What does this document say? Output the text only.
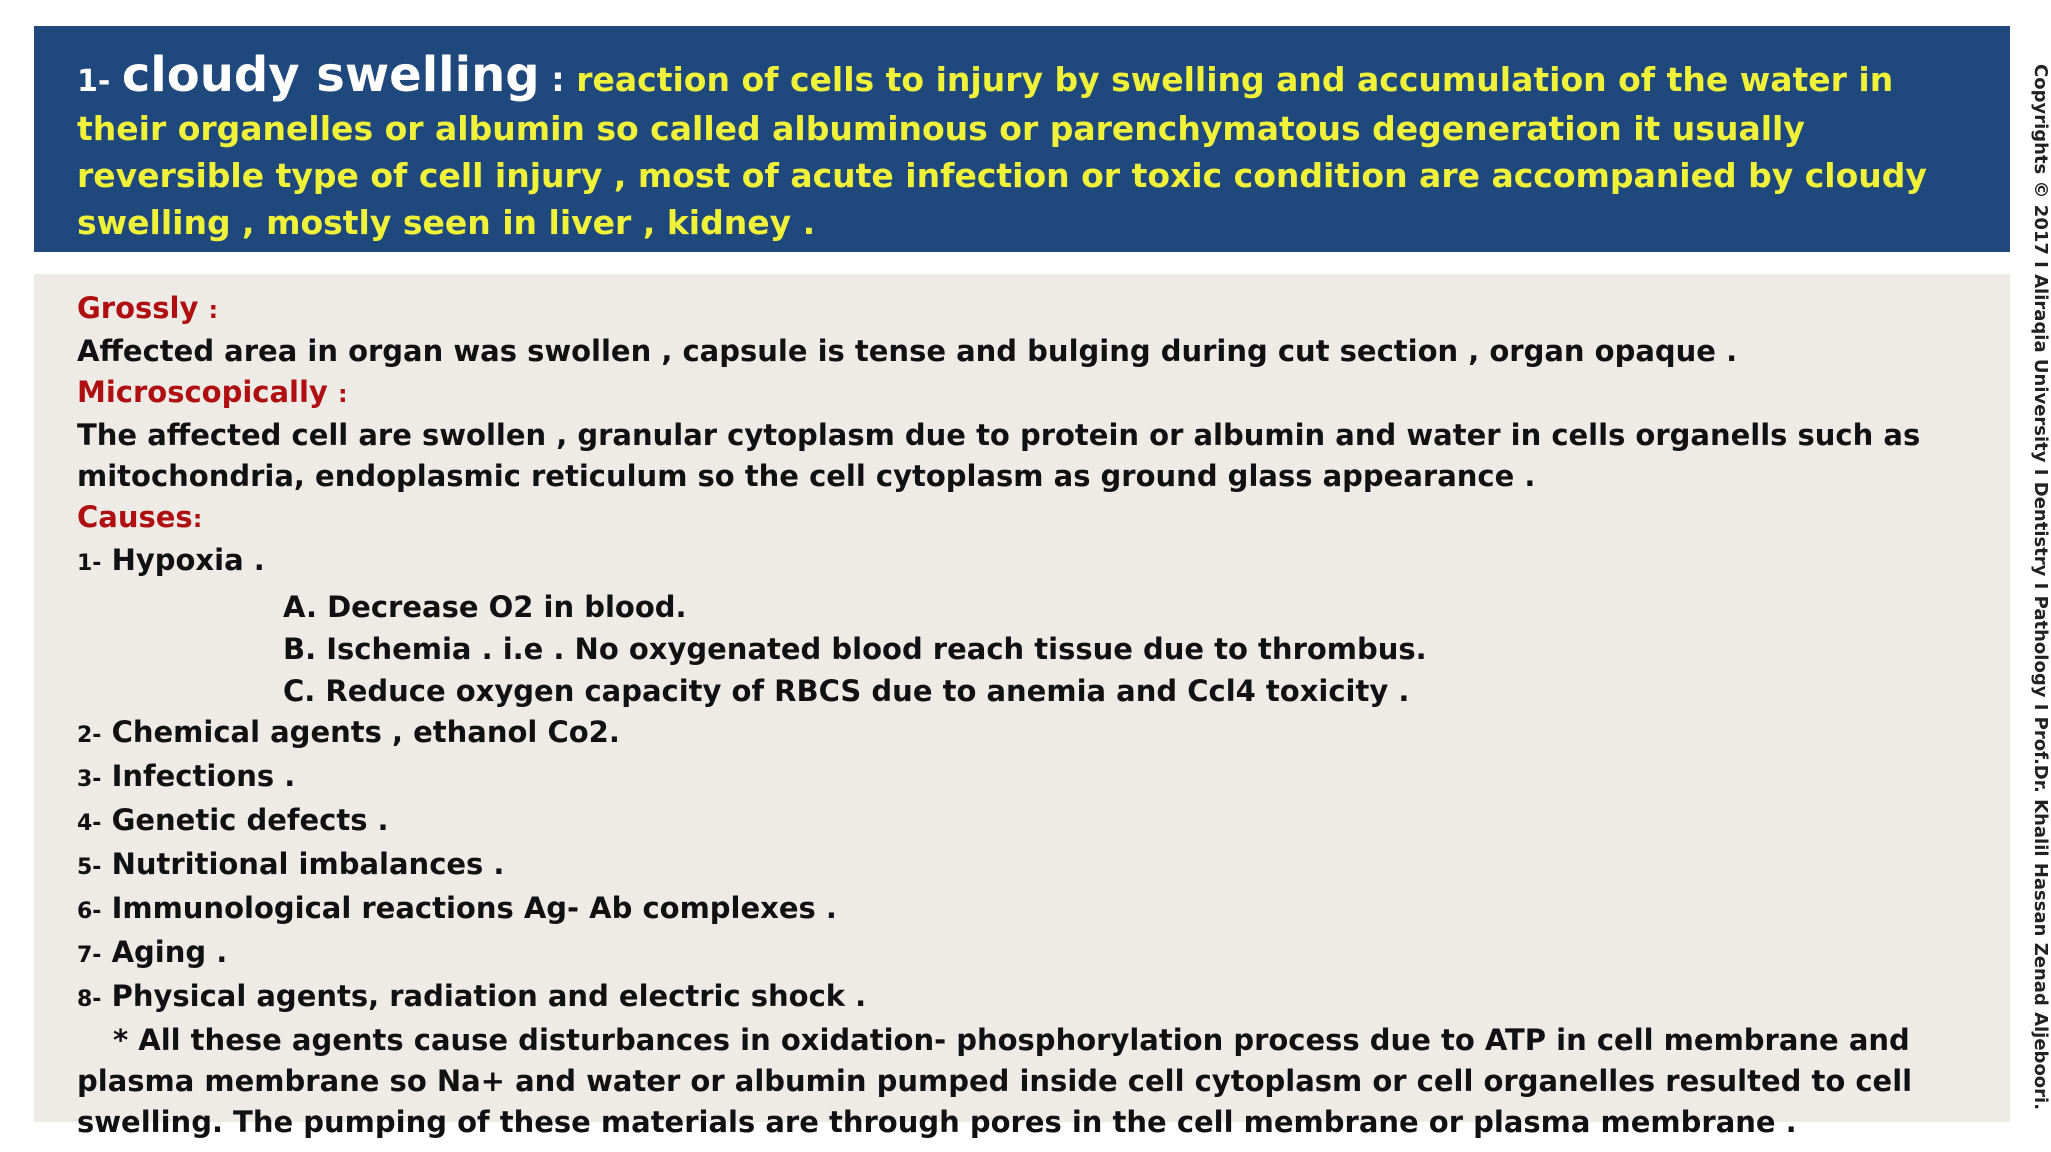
1- cloudy swelling : reaction of cells to injury by swelling and accumulation of the water in their organelles or albumin so called albuminous or parenchymatous degeneration it usually reversible type of cell injury , most of acute infection or toxic condition are accompanied by cloudy swelling , mostly seen in liver , kidney .

Grossly :

Affected area in organ was swollen , capsule is tense and bulging during cut section , organ opaque .

Microscopically :

The affected cell are swollen , granular cytoplasm due to protein or albumin and water in cells organells such as mitochondria, endoplasmic reticulum so the cell cytoplasm as ground glass appearance .

Causes:

1- Hypoxia .

A. Decrease O2 in blood.

B. Ischemia . i.e . No oxygenated blood reach tissue due to thrombus.

C. Reduce oxygen capacity of RBCS due to anemia and Ccl4 toxicity .

2- Chemical agents , ethanol Co2.

3- Infections .

4- Genetic defects .

5- Nutritional imbalances .

6- Immunological reactions Ag- Ab complexes .

7- Aging .

8- Physical agents, radiation and electric shock .

* All these agents cause disturbances in oxidation- phosphorylation process due to ATP in cell membrane and plasma membrane so Na+ and water or albumin pumped inside cell cytoplasm or cell organelles resulted to cell swelling. The pumping of these materials are through pores in the cell membrane or plasma membrane .

Copyrights © 2017 I Aliraqia University I Dentistry I Pathology I Prof.Dr. Khalil Hassan Zenad Aljeboori.
